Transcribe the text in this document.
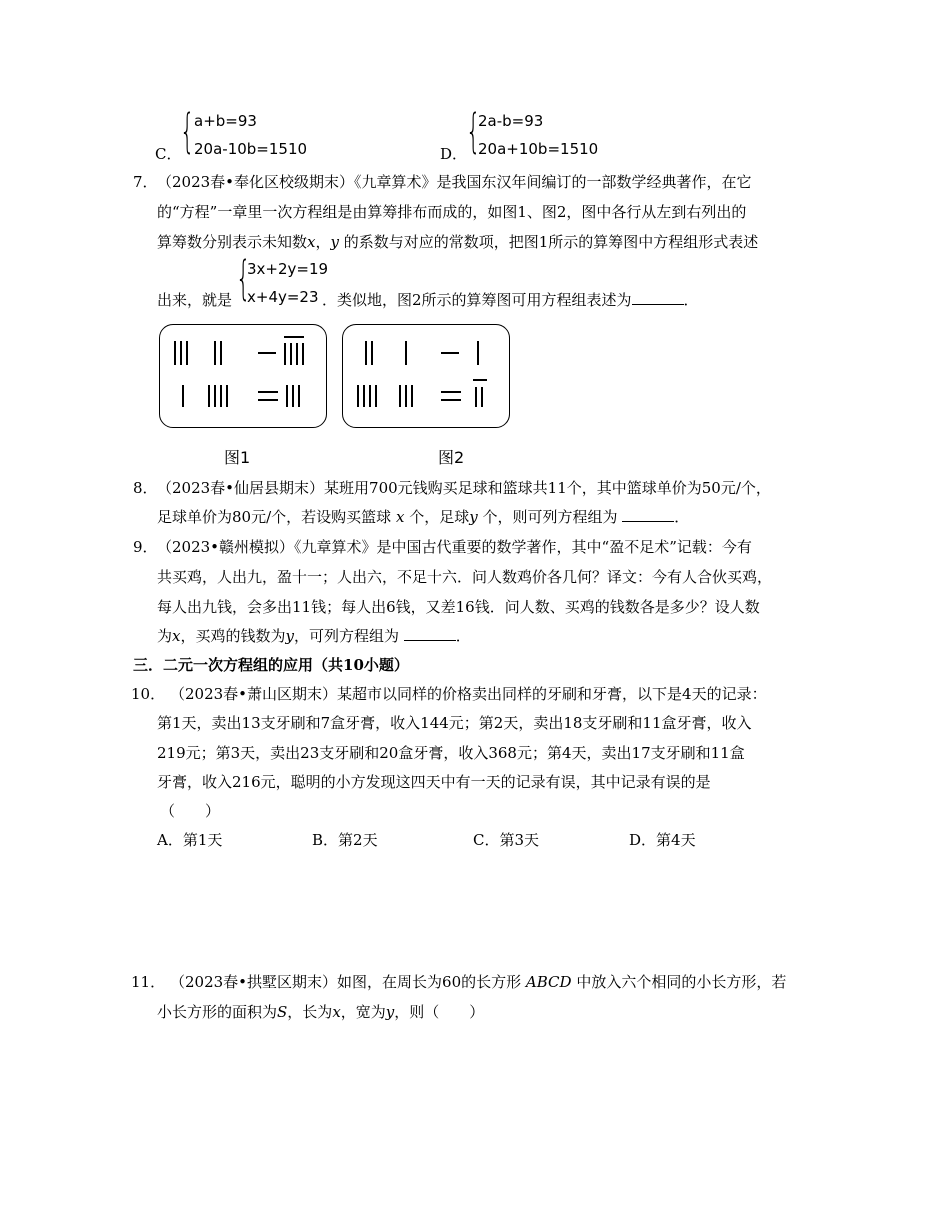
C．
{ a+b=93
20a-10b=1510	D．
{
2a-b=93
20a+10b=1510
7． （2023春•奉化区校级期末）《九章算术》是我国东汉年间编订的一部数学经典著作，在它
的“方程”一章里一次方程组是由算筹排布而成的，如图1、图2，图中各行从左到右列出的
算筹数分别表示未知数x，y 的系数与对应的常数项，把图1所示的算筹图中方程组形式表述
出来，就是 {
3x+2y=19
x+4y=23 ．类似地，图2所示的算筹图可用方程组表述为	．
图1	图2
8． （2023春•仙居县期末）某班用700元钱购买足球和篮球共11个，其中篮球单价为50元/个，
足球单价为80元/个，若设购买篮球 x 个，足球y 个，则可列方程组为	．
9． （2023•赣州模拟）《九章算术》是中国古代重要的数学著作，其中“盈不足术”记载：今有
共买鸡，人出九，盈十一；人出六，不足十六．问人数鸡价各几何？译文：今有人合伙买鸡，
每人出九钱，会多出11钱；每人出6钱，又差16钱．问人数、买鸡的钱数各是多少？设人数
为x，买鸡的钱数为y，可列方程组为	．
三．二元一次方程组的应用（共10小题）
10． （2023春•萧山区期末）某超市以同样的价格卖出同样的牙刷和牙膏，以下是4天的记录：
第1天，卖出13支牙刷和7盒牙膏，收入144元；第2天，卖出18支牙刷和11盒牙膏，收入
219元；第3天，卖出23支牙刷和20盒牙膏，收入368元；第4天，卖出17支牙刷和11盒
牙膏，收入216元，聪明的小方发现这四天中有一天的记录有误，其中记录有误的是
（　　）
A．第1天	B．第2天	C．第3天	D．第4天
11． （2023春•拱墅区期末）如图，在周长为60的长方形 ABCD 中放入六个相同的小长方形，若
小长方形的面积为S，长为x，宽为y，则（　　）
